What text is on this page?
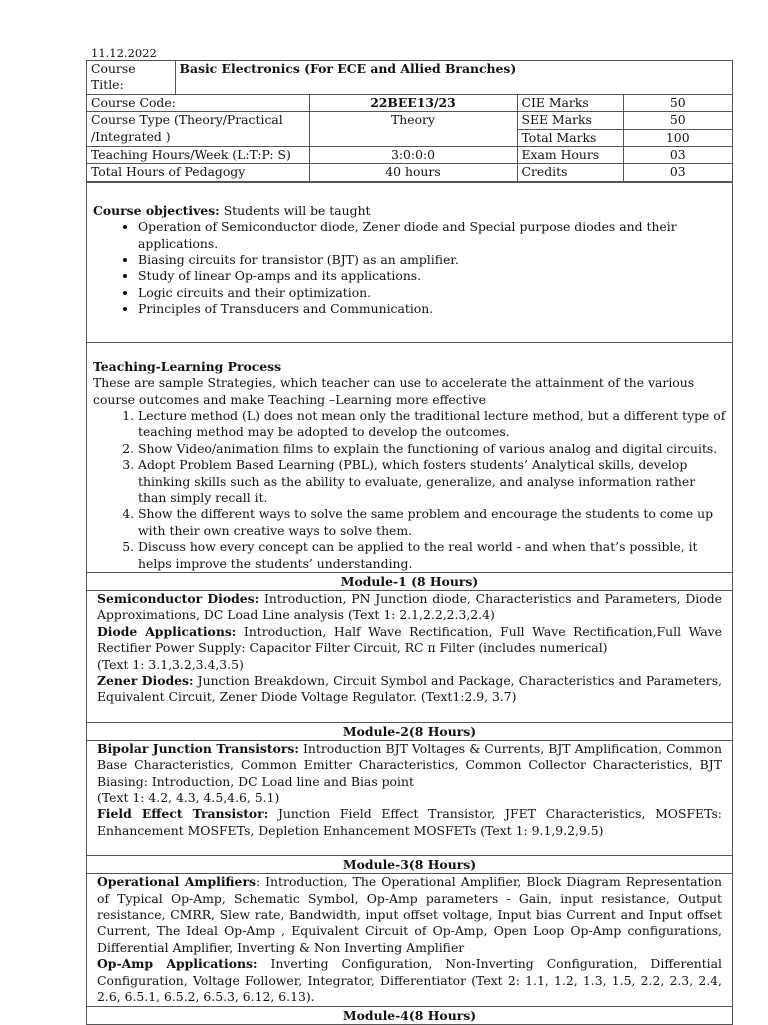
11.12.2022
Course Title:	Basic Electronics (For ECE and Allied Branches)			
Course Code:		22BEE13/23	CIE Marks	50
Course Type (Theory/Practical /Integrated )		Theory	SEE Marks	50
			Total Marks	100
Teaching Hours/Week (L:T:P: S)		3:0:0:0	Exam Hours	03
Total Hours of Pedagogy		40 hours	Credits	03
Course objectives: Students will be taught
• Operation of Semiconductor diode, Zener diode and Special purpose diodes and their applications.
• Biasing circuits for transistor (BJT) as an amplifier.
• Study of linear Op-amps and its applications.
• Logic circuits and their optimization.
• Principles of Transducers and Communication.
Teaching-Learning Process
These are sample Strategies, which teacher can use to accelerate the attainment of the various course outcomes and make Teaching –Learning more effective
1. Lecture method (L) does not mean only the traditional lecture method, but a different type of teaching method may be adopted to develop the outcomes.
2. Show Video/animation films to explain the functioning of various analog and digital circuits.
3. Adopt Problem Based Learning (PBL), which fosters students’ Analytical skills, develop thinking skills such as the ability to evaluate, generalize, and analyse information rather than simply recall it.
4. Show the different ways to solve the same problem and encourage the students to come up with their own creative ways to solve them.
5. Discuss how every concept can be applied to the real world - and when that’s possible, it helps improve the students’ understanding.
Module-1 (8 Hours)

Semiconductor Diodes: Introduction, PN Junction diode, Characteristics and Parameters, Diode Approximations, DC Load Line analysis (Text 1: 2.1,2.2,2.3,2.4)

Diode Applications: Introduction, Half Wave Rectification, Full Wave Rectification,Full Wave Rectifier Power Supply: Capacitor Filter Circuit, RC π Filter (includes numerical)

(Text 1: 3.1,3.2,3.4,3.5)

Zener Diodes: Junction Breakdown, Circuit Symbol and Package, Characteristics and Parameters, Equivalent Circuit, Zener Diode Voltage Regulator. (Text1:2.9, 3.7)

Module-2(8 Hours)

Bipolar Junction Transistors: Introduction BJT Voltages & Currents, BJT Amplification, Common Base Characteristics, Common Emitter Characteristics, Common Collector Characteristics, BJT Biasing: Introduction, DC Load line and Bias point

(Text 1: 4.2, 4.3, 4.5,4.6, 5.1)

Field Effect Transistor: Junction Field Effect Transistor, JFET Characteristics, MOSFETs: Enhancement MOSFETs, Depletion Enhancement MOSFETs (Text 1: 9.1,9.2,9.5)

Module-3(8 Hours)

Operational Amplifiers: Introduction, The Operational Amplifier, Block Diagram Representation of Typical Op-Amp, Schematic Symbol, Op-Amp parameters - Gain, input resistance, Output resistance, CMRR, Slew rate, Bandwidth, input offset voltage, Input bias Current and Input offset Current, The Ideal Op-Amp , Equivalent Circuit of Op-Amp, Open Loop Op-Amp configurations, Differential Amplifier, Inverting & Non Inverting Amplifier

Op-Amp Applications: Inverting Configuration, Non-Inverting Configuration, Differential Configuration, Voltage Follower, Integrator, Differentiator (Text 2: 1.1, 1.2, 1.3, 1.5, 2.2, 2.3, 2.4, 2.6, 6.5.1, 6.5.2, 6.5.3, 6.12, 6.13).

Module-4(8 Hours)
